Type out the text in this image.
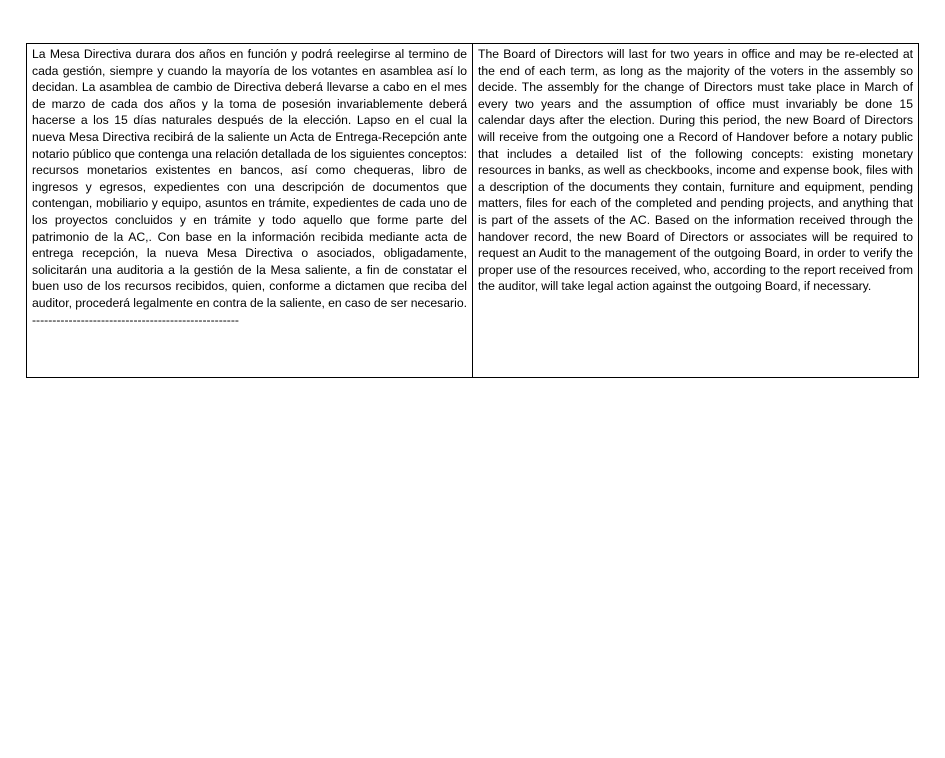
La Mesa Directiva durara dos años en función y podrá reelegirse al termino de cada gestión, siempre y cuando la mayoría de los votantes en asamblea así lo decidan. La asamblea de cambio de Directiva deberá llevarse a cabo en el mes de marzo de cada dos años y la toma de posesión invariablemente deberá hacerse a los 15 días naturales después de la elección. Lapso en el cual la nueva Mesa Directiva recibirá de la saliente un Acta de Entrega-Recepción ante notario público que contenga una relación detallada de los siguientes conceptos: recursos monetarios existentes en bancos, así como chequeras, libro de ingresos y egresos, expedientes con una descripción de documentos que contengan, mobiliario y equipo, asuntos en trámite, expedientes de cada uno de los proyectos concluidos y en trámite y todo aquello que forme parte del patrimonio de la AC,. Con base en la información recibida mediante acta de entrega recepción, la nueva Mesa Directiva o asociados, obligadamente, solicitarán una auditoria a la gestión de la Mesa saliente, a fin de constatar el buen uso de los recursos recibidos, quien, conforme a dictamen que reciba del auditor, procederá legalmente en contra de la saliente, en caso de ser necesario. ---------------------------------------------------	The Board of Directors will last for two years in office and may be re-elected at the end of each term, as long as the majority of the voters in the assembly so decide. The assembly for the change of Directors must take place in March of every two years and the assumption of office must invariably be done 15 calendar days after the election. During this period, the new Board of Directors will receive from the outgoing one a Record of Handover before a notary public that includes a detailed list of the following concepts: existing monetary resources in banks, as well as checkbooks, income and expense book, files with a description of the documents they contain, furniture and equipment, pending matters, files for each of the completed and pending projects, and anything that is part of the assets of the AC. Based on the information received through the handover record, the new Board of Directors or associates will be required to request an Audit to the management of the outgoing Board, in order to verify the proper use of the resources received, who, according to the report received from the auditor, will take legal action against the outgoing Board, if necessary.
